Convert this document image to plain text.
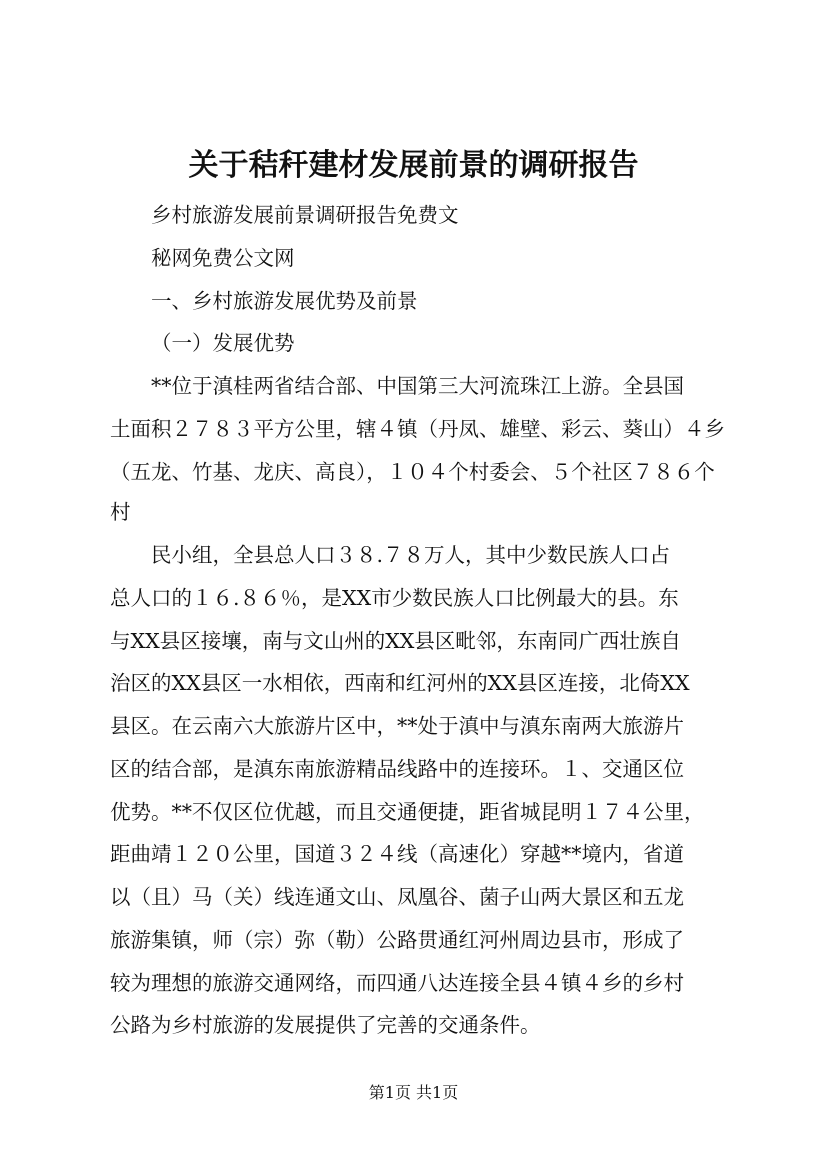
关于秸秆建材发展前景的调研报告
乡村旅游发展前景调研报告免费文
秘网免费公文网
一、乡村旅游发展优势及前景
（一）发展优势
**位于滇桂两省结合部、中国第三大河流珠江上游。全县国
土面积２７８３平方公里，辖４镇（丹凤、雄壁、彩云、葵山）４乡
（五龙、竹基、龙庆、高良），１０４个村委会、５个社区７８６个
村
民小组，全县总人口３８.７８万人，其中少数民族人口占
总人口的１６.８６％，是XX市少数民族人口比例最大的县。东
与XX县区接壤，南与文山州的XX县区毗邻，东南同广西壮族自
治区的XX县区一水相依，西南和红河州的XX县区连接，北倚XX
县区。在云南六大旅游片区中，**处于滇中与滇东南两大旅游片
区的结合部，是滇东南旅游精品线路中的连接环。１、交通区位
优势。**不仅区位优越，而且交通便捷，距省城昆明１７４公里，
距曲靖１２０公里，国道３２４线（高速化）穿越**境内，省道
以（且）马（关）线连通文山、凤凰谷、菌子山两大景区和五龙
旅游集镇，师（宗）弥（勒）公路贯通红河州周边县市，形成了
较为理想的旅游交通网络，而四通八达连接全县４镇４乡的乡村
公路为乡村旅游的发展提供了完善的交通条件。
第1页 共1页
